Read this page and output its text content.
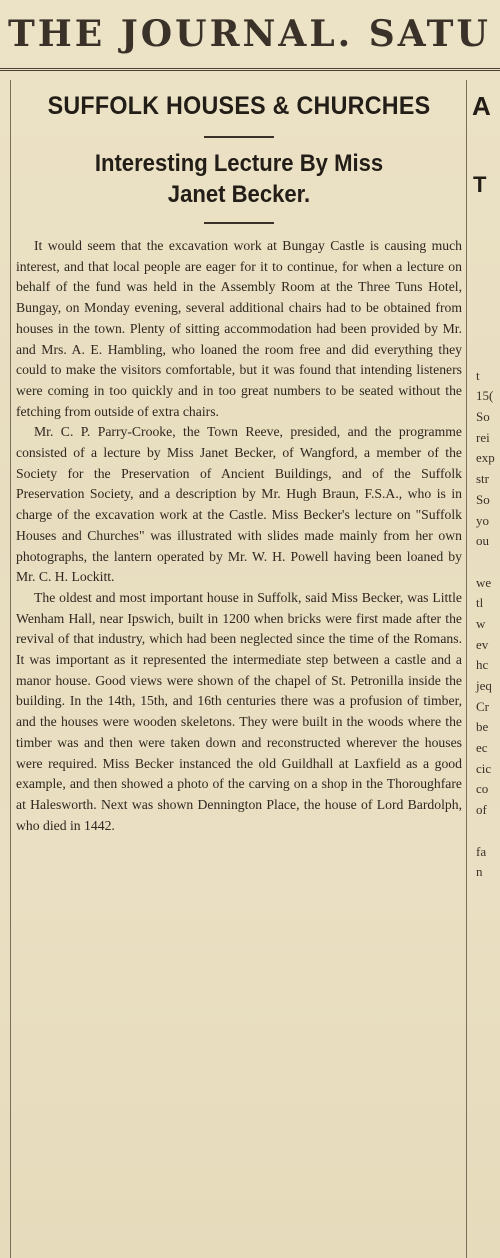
THE JOURNAL. SATU
SUFFOLK HOUSES & CHURCHES
Interesting Lecture By Miss
Janet Becker.

It would seem that the excavation work at Bungay Castle is causing much interest, and that local people are eager for it to continue, for when a lecture on behalf of the fund was held in the Assembly Room at the Three Tuns Hotel, Bungay, on Monday evening, several additional chairs had to be obtained from houses in the town. Plenty of sitting accommodation had been provided by Mr. and Mrs. A. E. Hambling, who loaned the room free and did everything they could to make the visitors comfortable, but it was found that intending listeners were coming in too quickly and in too great numbers to be seated without the fetching from outside of extra chairs.

Mr. C. P. Parry-Crooke, the Town Reeve, presided, and the programme consisted of a lecture by Miss Janet Becker, of Wangford, a member of the Society for the Preservation of Ancient Buildings, and of the Suffolk Preservation Society, and a description by Mr. Hugh Braun, F.S.A., who is in charge of the excavation work at the Castle. Miss Becker's lecture on "Suffolk Houses and Churches" was illustrated with slides made mainly from her own photographs, the lantern operated by Mr. W. H. Powell having been loaned by Mr. C. H. Lockitt.

The oldest and most important house in Suffolk, said Miss Becker, was Little Wenham Hall, near Ipswich, built in 1200 when bricks were first made after the revival of that industry, which had been neglected since the time of the Romans. It was important as it represented the intermediate step between a castle and a manor house. Good views were shown of the chapel of St. Petronilla inside the building. In the 14th, 15th, and 16th centuries there was a profusion of timber, and the houses were wooden skeletons. They were built in the woods where the timber was and then were taken down and reconstructed wherever the houses were required. Miss Becker instanced the old Guildhall at Laxfield as a good example, and then showed a photo of the carving on a shop in the Thoroughfare at Halesworth. Next was shown Dennington Place, the house of Lord Bardolph, who died in 1442.

A
T
t
15(
So
rei
exp
str
So
yo
ou
we
tl
w
ev
hc
jeq
Cr
be
ec
cic
co
of
fa
n
